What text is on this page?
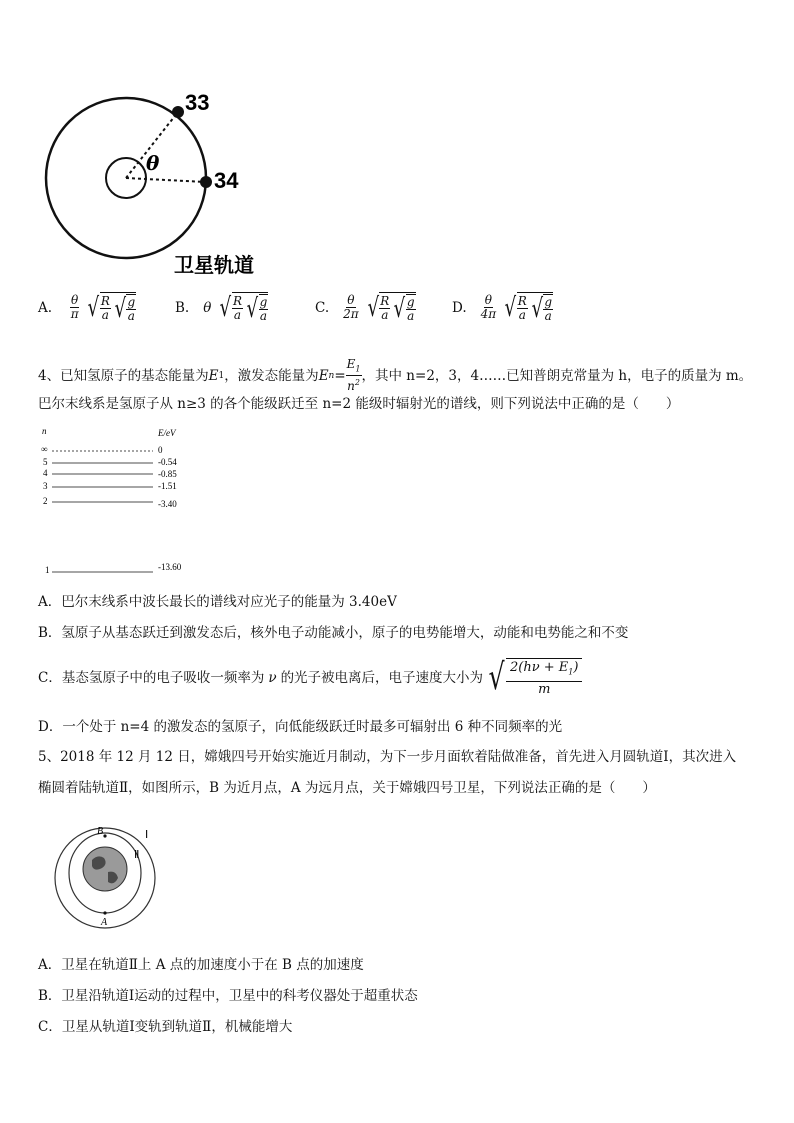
33
34
θ
卫星轨道
A. $\frac{\theta}{\pi}$ √ $\frac{R}{a}$ √ $\frac{g}{a}$	B. θ √ $\frac{R}{a}$ √ $\frac{g}{a}$	C. $\frac{\theta}{2\pi}$ √ $\frac{R}{a}$ √ $\frac{g}{a}$	D. $\frac{\theta}{4\pi}$ √ $\frac{R}{a}$ √ $\frac{g}{a}$
4、已知氢原子的基态能量为 E 1 ，激发态能量为 E $n = \frac{E_1}{n^2}$ ，其中 n=2，3，4……已知普朗克常量为 h，电子的质量为 m。
巴尔末线系是氢原子从 n≥3 的各个能级跃迁至 n=2 能级时辐射光的谱线，则下列说法中正确的是（　　）
n	E/eV
∞	0
5	-0.54
4	-0.85
3	-1.51
2	-3.40
1	-13.60
A．巴尔末线系中波长最长的谱线对应光子的能量为 3.40eV
B．氢原子从基态跃迁到激发态后，核外电子动能减小，原子的电势能增大，动能和电势能之和不变
C．基态氢原子中的电子吸收一频率为 ν 的光子被电离后，电子速度大小为 √ $\frac{2(h\nu + E_1)}{m}$
D．一个处于 n=4 的激发态的氢原子，向低能级跃迁时最多可辐射出 6 种不同频率的光
5、2018 年 12 月 12 日，嫦娥四号开始实施近月制动，为下一步月面软着陆做准备，首先进入月圆轨道Ⅰ，其次进入
椭圆着陆轨道Ⅱ，如图所示，B 为近月点，A 为远月点，关于嫦娥四号卫星，下列说法正确的是（　　）
B
A
Ⅰ
Ⅱ
A．卫星在轨道Ⅱ上 A 点的加速度小于在 B 点的加速度
B．卫星沿轨道Ⅰ运动的过程中，卫星中的科考仪器处于超重状态
C．卫星从轨道Ⅰ变轨到轨道Ⅱ，机械能增大
